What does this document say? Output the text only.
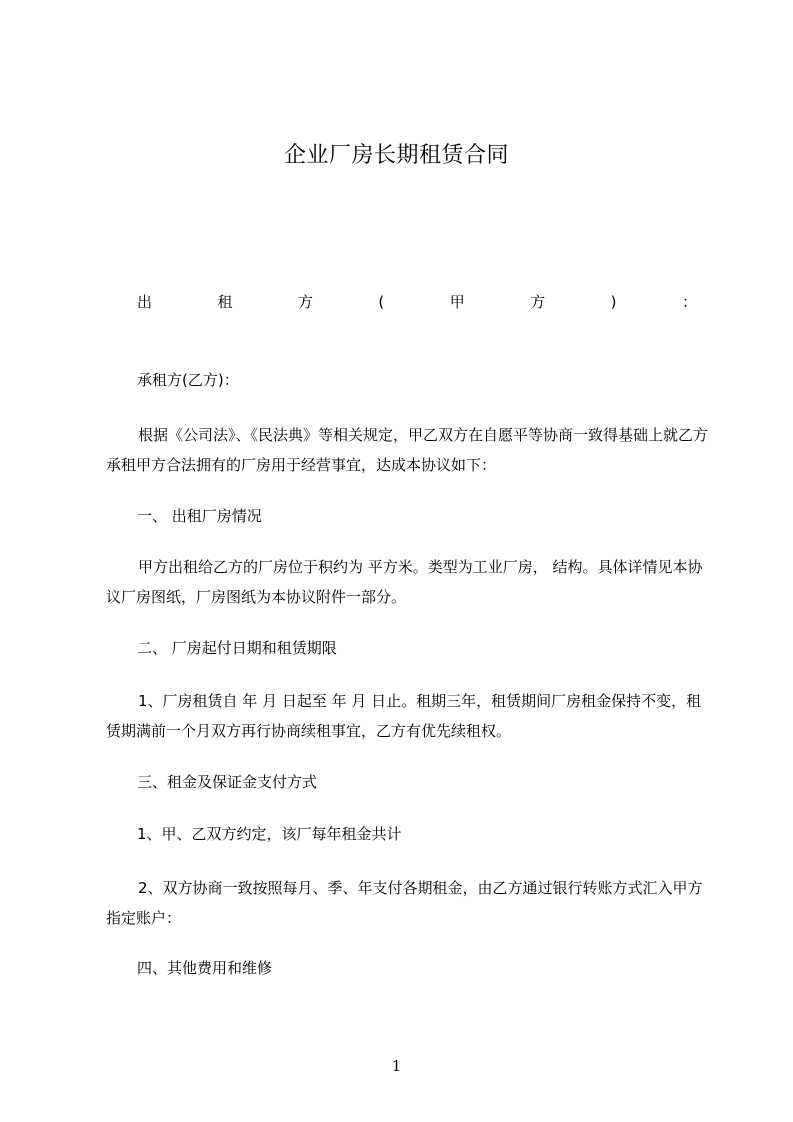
企业厂房长期租赁合同
出	租	方	(	甲	方	)	：
承租方(乙方)：
根据《公司法》、《民法典》等相关规定，甲乙双方在自愿平等协商一致得基础上就乙方承租甲方合法拥有的厂房用于经营事宜，达成本协议如下：
一、 出租厂房情况
甲方出租给乙方的厂房位于积约为 平方米。类型为工业厂房， 结构。具体详情见本协议厂房图纸，厂房图纸为本协议附件一部分。
二、 厂房起付日期和租赁期限
1、厂房租赁自 年 月 日起至 年 月 日止。租期三年，租赁期间厂房租金保持不变，租赁期满前一个月双方再行协商续租事宜，乙方有优先续租权。
三、租金及保证金支付方式
1、甲、乙双方约定，该厂每年租金共计
2、双方协商一致按照每月、季、年支付各期租金，由乙方通过银行转账方式汇入甲方指定账户：
四、其他费用和维修
1
